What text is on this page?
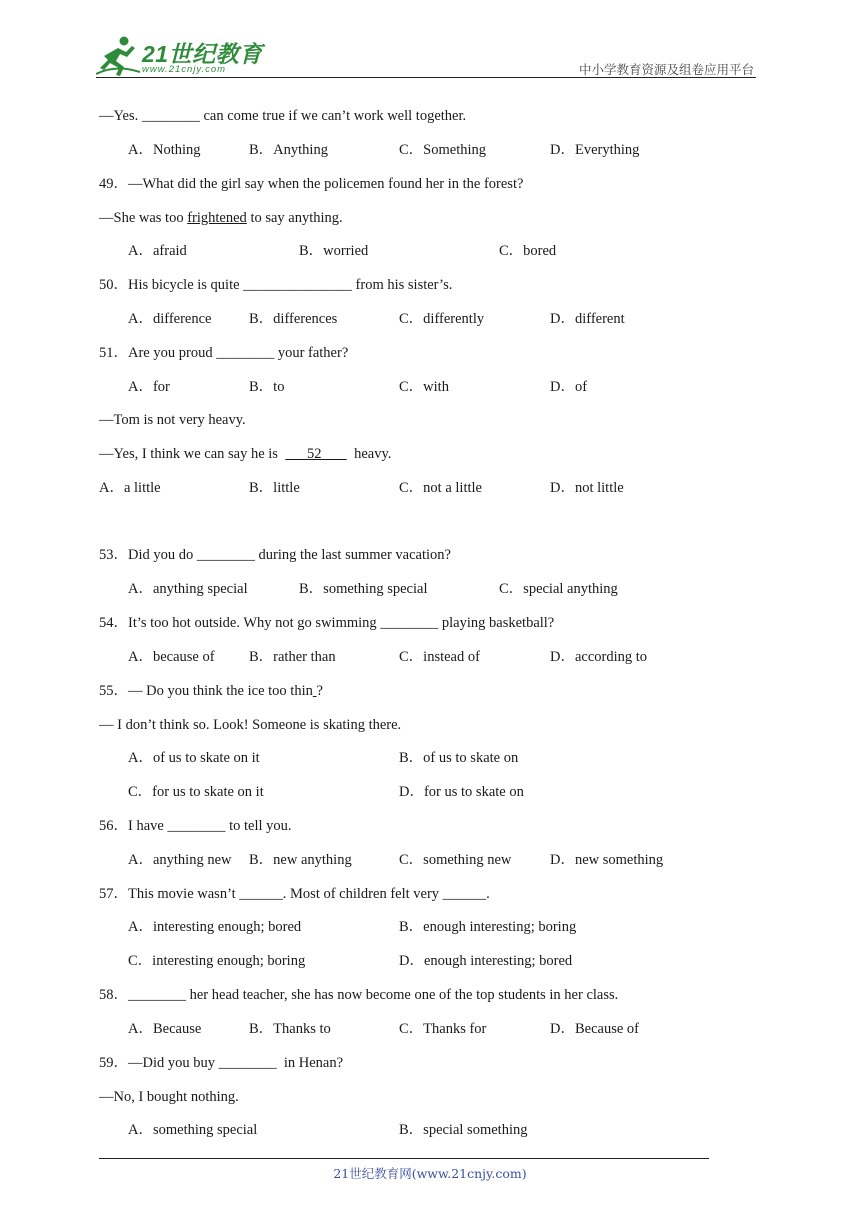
21世纪教育
www.21cnjy.com	中小学教育资源及组卷应用平台
—Yes. ________ can come true if we can’t work well together.
A．Nothing	B．Anything	C．Something	D．Everything
49．—What did the girl say when the policemen found her in the forest?
—She was too frightened to say anything.
A．afraid	B．worried	C．bored
50．His bicycle is quite _______________ from his sister’s.
A．difference	B．differences	C．differently	D．different
51．Are you proud ________ your father?
A．for	B．to	C．with	D．of
—Tom is not very heavy.
—Yes, I think we can say he is        52         heavy.
A．a little	B．little	C．not a little	D．not little
53．Did you do ________ during the last summer vacation?
A．anything special	B．something special	C．special anything
54．It’s too hot outside. Why not go swimming ________ playing basketball?
A．because of B．rather than	C．instead of	D．according to
55．— Do you think the ice too thin ?
— I don’t think so. Look! Someone is skating there.
A．of us to skate on it	B．of us to skate on
C．for us to skate on it	D．for us to skate on
56．I have ________ to tell you.
A．anything new B．new anything	C．something new	D．new something
57．This movie wasn’t ______. Most of children felt very ______.
A．interesting enough; bored	B．enough interesting; boring
C．interesting enough; boring	D．enough interesting; bored
58．________ her head teacher, she has now become one of the top students in her class.
A．Because	B．Thanks to	C．Thanks for	D．Because of
59．—Did you buy ________  in Henan?
—No, I bought nothing.
A．something special	B．special something
21世纪教育网(www.21cnjy.com)
